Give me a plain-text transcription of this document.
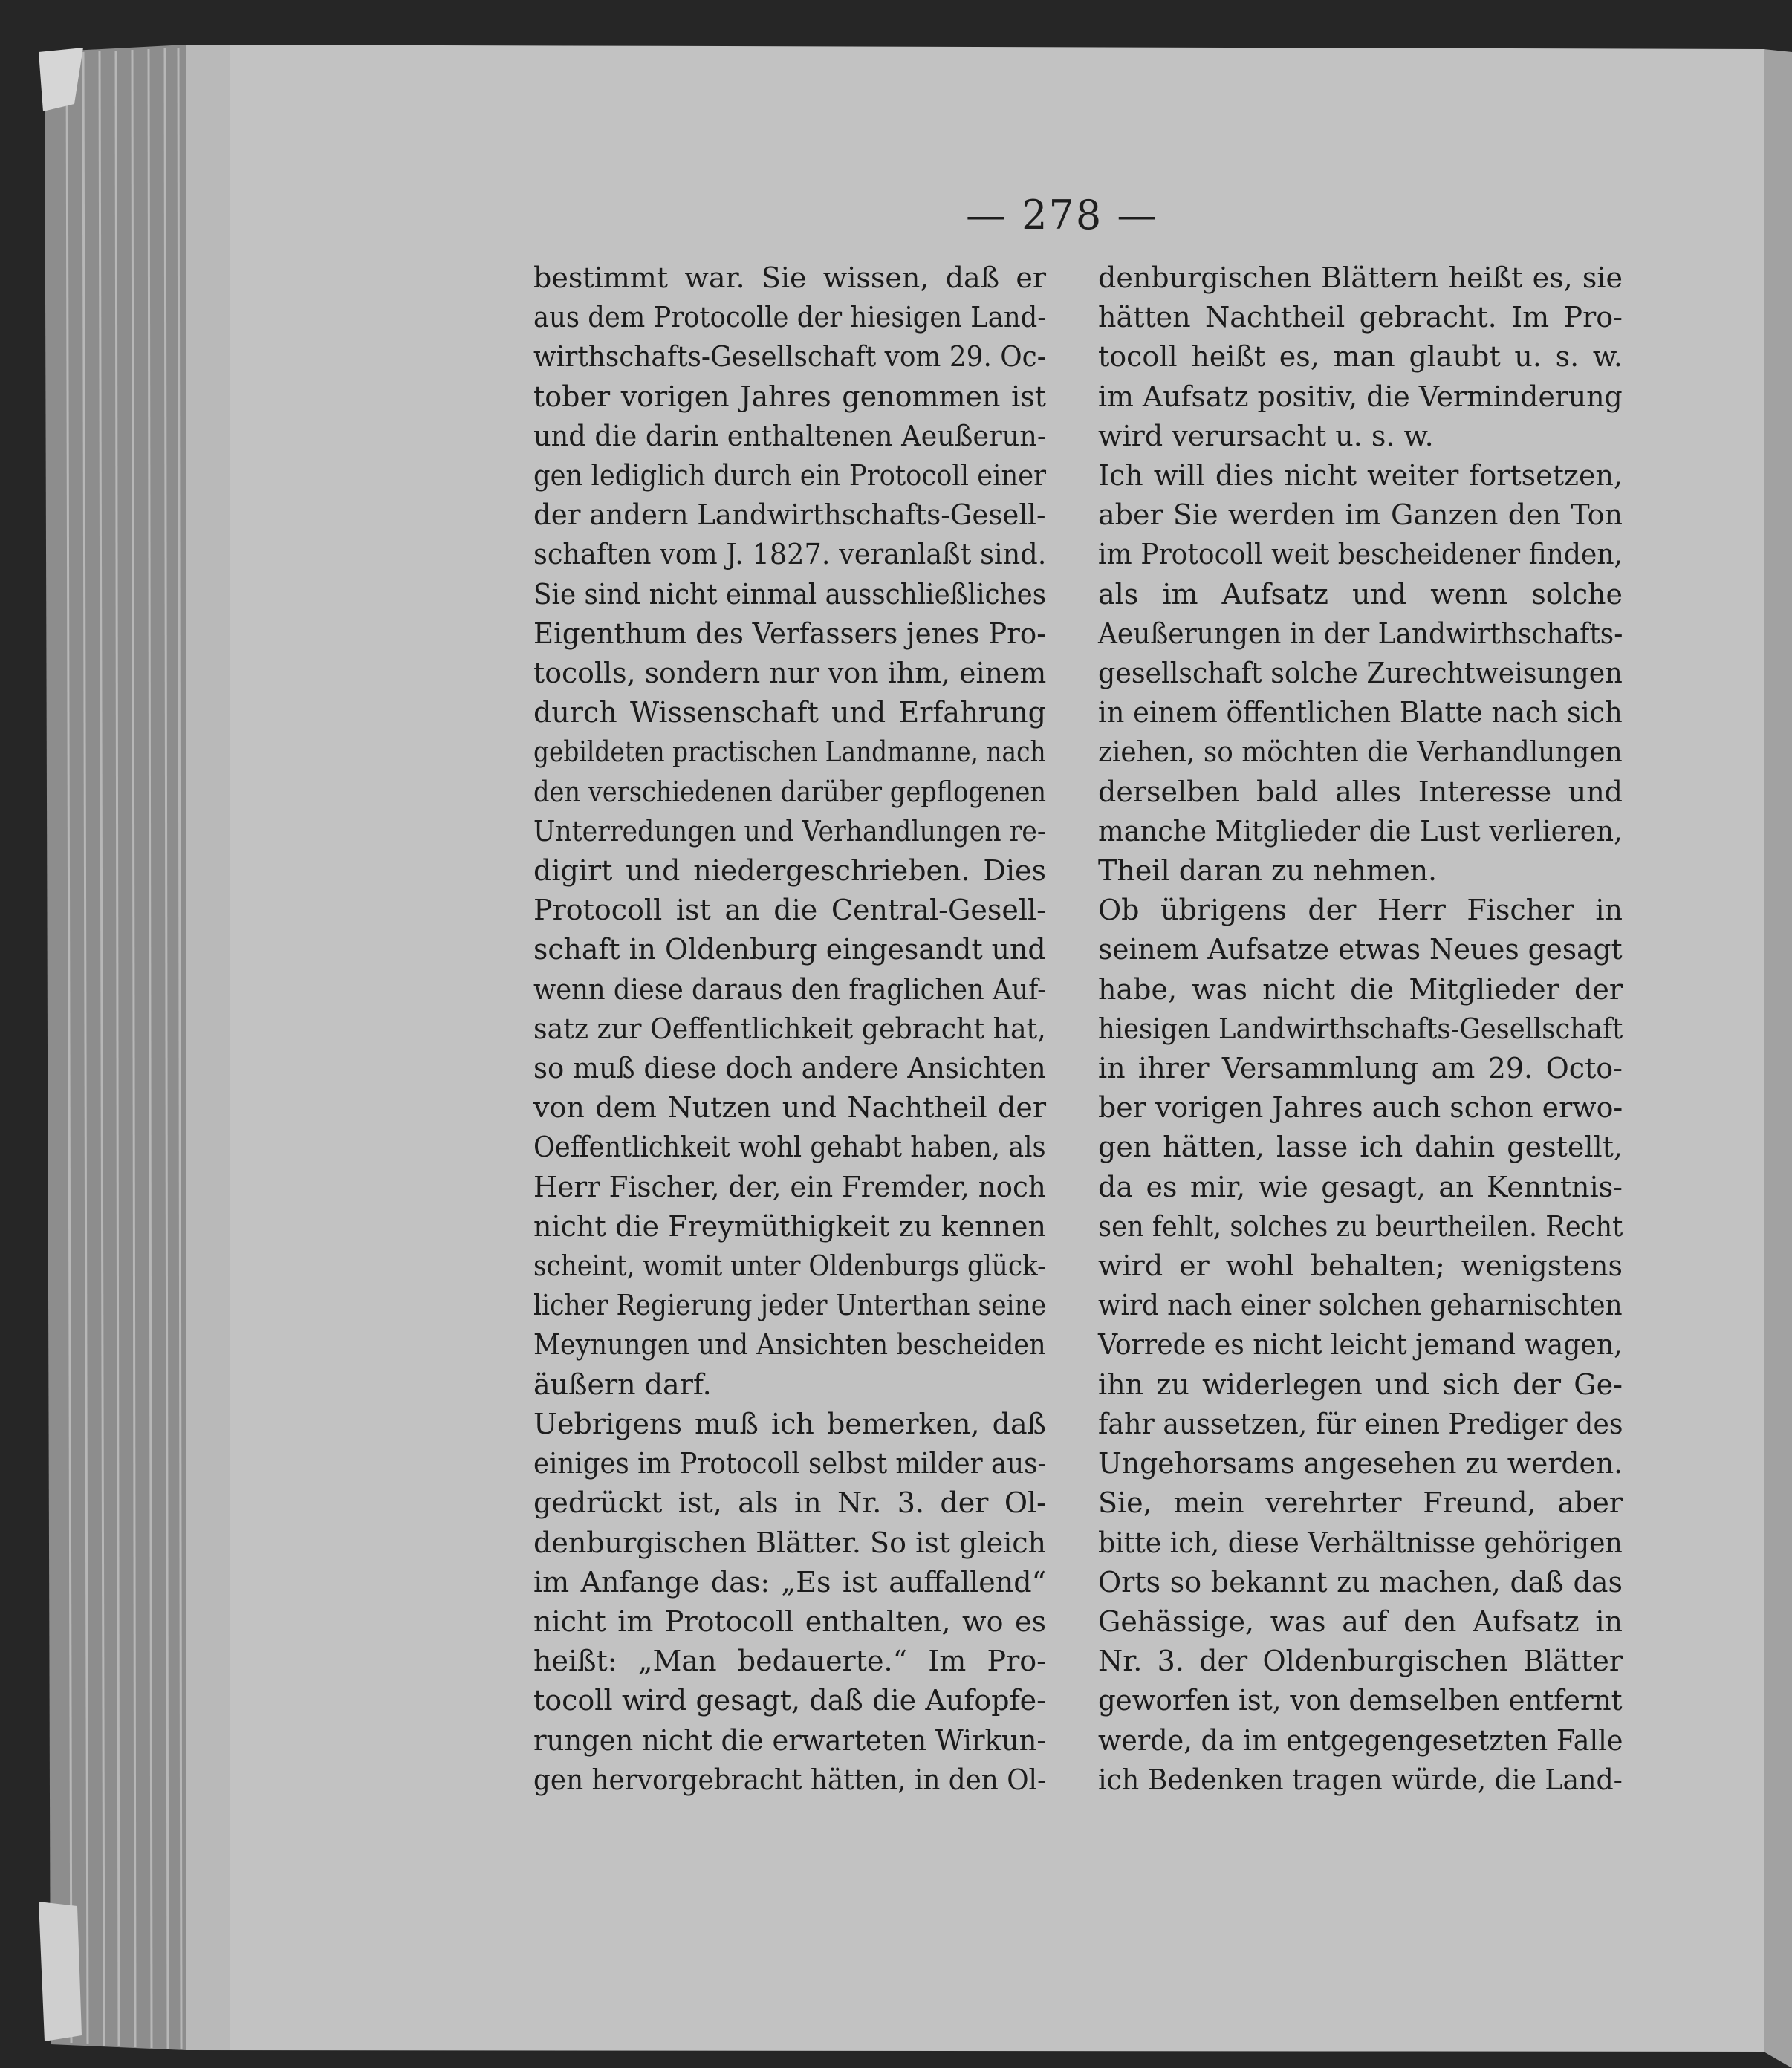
— 278 —
bestimmt war. Sie wissen, daß er
aus dem Protocolle der hiesigen Land-
wirthschafts-Gesellschaft vom 29. Oc-
tober vorigen Jahres genommen ist
und die darin enthaltenen Aeußerun-
gen lediglich durch ein Protocoll einer
der andern Landwirthschafts-Gesell-
schaften vom J. 1827. veranlaßt sind.
Sie sind nicht einmal ausschließliches
Eigenthum des Verfassers jenes Pro-
tocolls, sondern nur von ihm, einem
durch Wissenschaft und Erfahrung
gebildeten practischen Landmanne, nach
den verschiedenen darüber gepflogenen
Unterredungen und Verhandlungen re-
digirt und niedergeschrieben. Dies
Protocoll ist an die Central-Gesell-
schaft in Oldenburg eingesandt und
wenn diese daraus den fraglichen Auf-
satz zur Oeffentlichkeit gebracht hat,
so muß diese doch andere Ansichten
von dem Nutzen und Nachtheil der
Oeffentlichkeit wohl gehabt haben, als
Herr Fischer, der, ein Fremder, noch
nicht die Freymüthigkeit zu kennen
scheint, womit unter Oldenburgs glück-
licher Regierung jeder Unterthan seine
Meynungen und Ansichten bescheiden
äußern darf.
Uebrigens muß ich bemerken, daß
einiges im Protocoll selbst milder aus-
gedrückt ist, als in Nr. 3. der Ol-
denburgischen Blätter. So ist gleich
im Anfange das: „Es ist auffallend“
nicht im Protocoll enthalten, wo es
heißt: „Man bedauerte.“ Im Pro-
tocoll wird gesagt, daß die Aufopfe-
rungen nicht die erwarteten Wirkun-
gen hervorgebracht hätten, in den Ol-
denburgischen Blättern heißt es, sie
hätten Nachtheil gebracht. Im Pro-
tocoll heißt es, man glaubt u. s. w.
im Aufsatz positiv, die Verminderung
wird verursacht u. s. w.
Ich will dies nicht weiter fortsetzen,
aber Sie werden im Ganzen den Ton
im Protocoll weit bescheidener finden,
als im Aufsatz und wenn solche
Aeußerungen in der Landwirthschafts-
gesellschaft solche Zurechtweisungen
in einem öffentlichen Blatte nach sich
ziehen, so möchten die Verhandlungen
derselben bald alles Interesse und
manche Mitglieder die Lust verlieren,
Theil daran zu nehmen.
Ob übrigens der Herr Fischer in
seinem Aufsatze etwas Neues gesagt
habe, was nicht die Mitglieder der
hiesigen Landwirthschafts-Gesellschaft
in ihrer Versammlung am 29. Octo-
ber vorigen Jahres auch schon erwo-
gen hätten, lasse ich dahin gestellt,
da es mir, wie gesagt, an Kenntnis-
sen fehlt, solches zu beurtheilen. Recht
wird er wohl behalten; wenigstens
wird nach einer solchen geharnischten
Vorrede es nicht leicht jemand wagen,
ihn zu widerlegen und sich der Ge-
fahr aussetzen, für einen Prediger des
Ungehorsams angesehen zu werden.
Sie, mein verehrter Freund, aber
bitte ich, diese Verhältnisse gehörigen
Orts so bekannt zu machen, daß das
Gehässige, was auf den Aufsatz in
Nr. 3. der Oldenburgischen Blätter
geworfen ist, von demselben entfernt
werde, da im entgegengesetzten Falle
ich Bedenken tragen würde, die Land-
